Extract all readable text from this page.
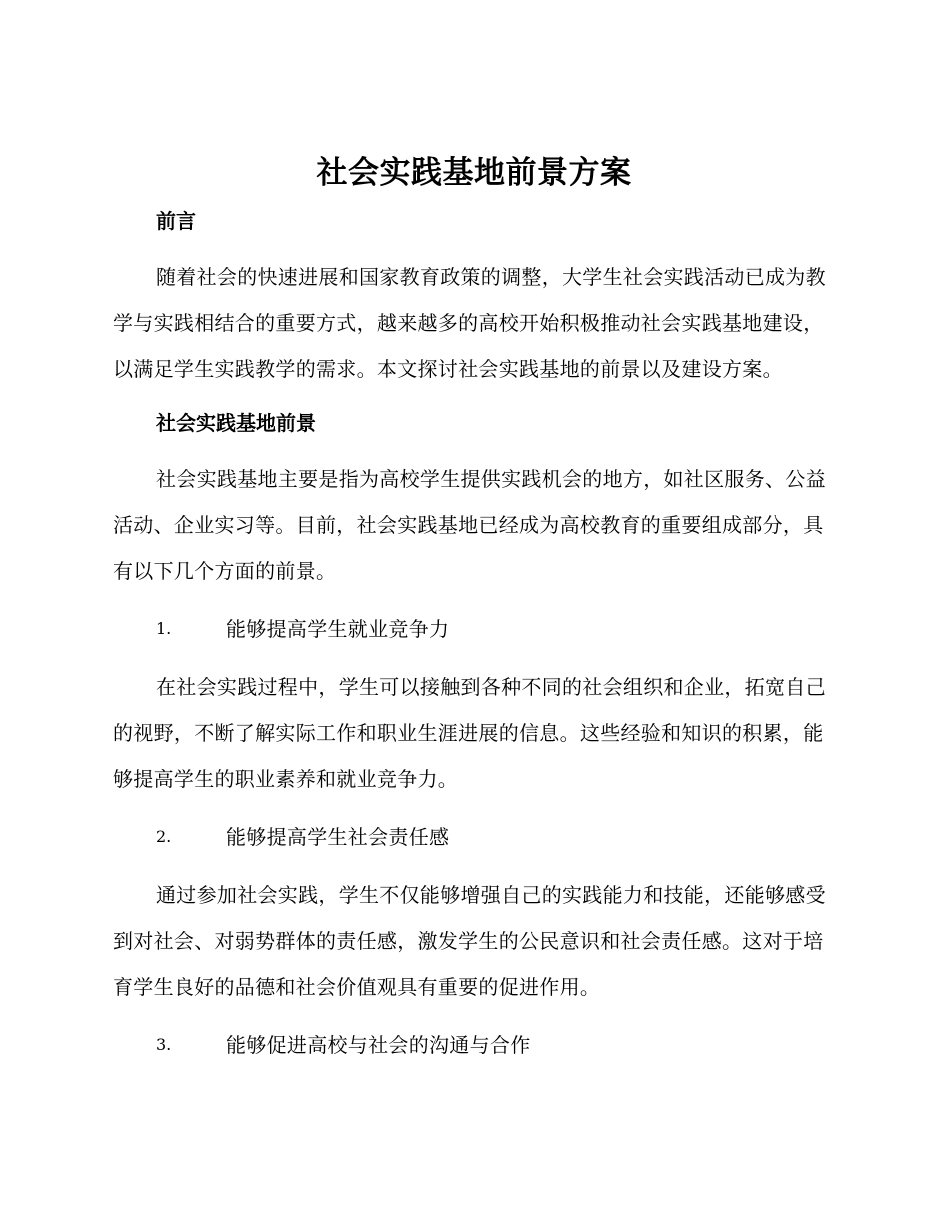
社会实践基地前景方案
前言

随着社会的快速进展和国家教育政策的调整，大学生社会实践活动已成为教学与实践相结合的重要方式，越来越多的高校开始积极推动社会实践基地建设，以满足学生实践教学的需求。本文探讨社会实践基地的前景以及建设方案。

社会实践基地前景

社会实践基地主要是指为高校学生提供实践机会的地方，如社区服务、公益活动、企业实习等。目前，社会实践基地已经成为高校教育的重要组成部分，具有以下几个方面的前景。

1.	能够提高学生就业竞争力

在社会实践过程中，学生可以接触到各种不同的社会组织和企业，拓宽自己的视野，不断了解实际工作和职业生涯进展的信息。这些经验和知识的积累，能够提高学生的职业素养和就业竞争力。

2.	能够提高学生社会责任感

通过参加社会实践，学生不仅能够增强自己的实践能力和技能，还能够感受到对社会、对弱势群体的责任感，激发学生的公民意识和社会责任感。这对于培育学生良好的品德和社会价值观具有重要的促进作用。

3.	能够促进高校与社会的沟通与合作
